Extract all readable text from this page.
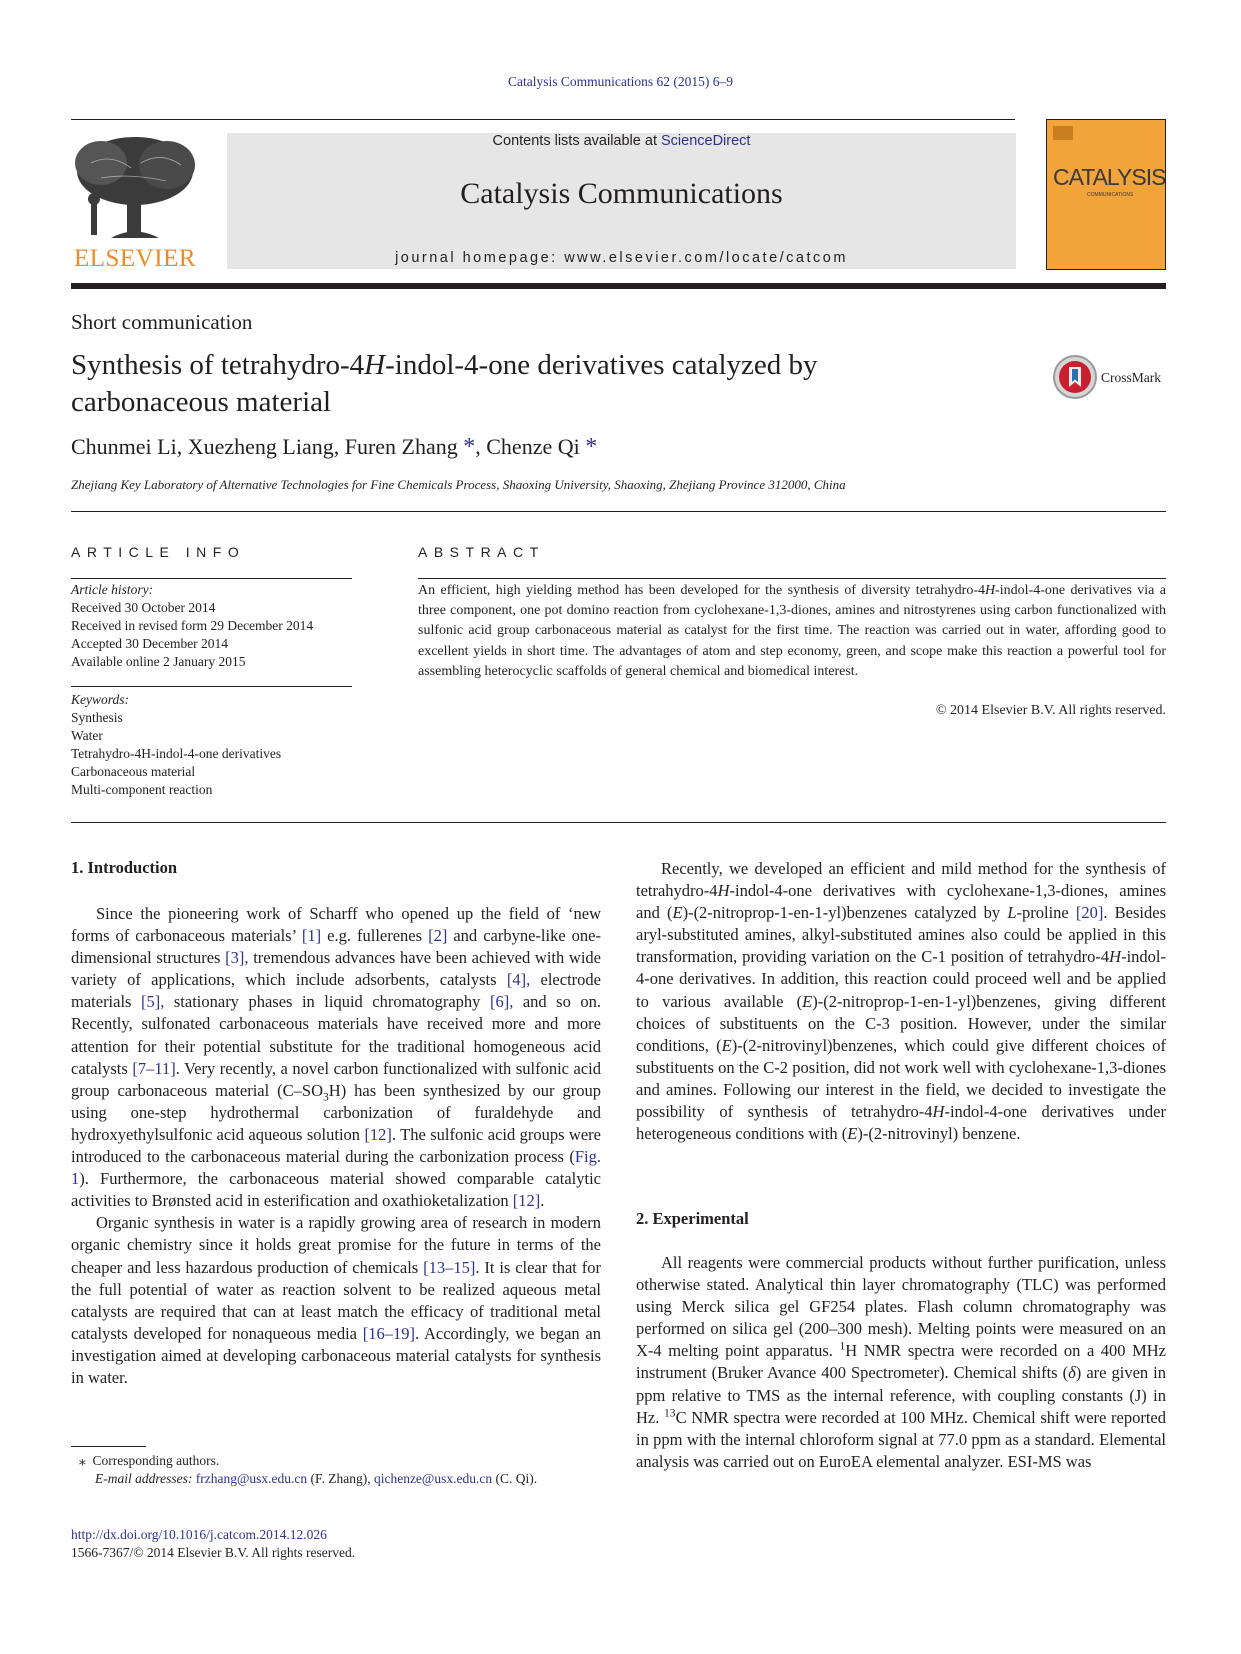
Catalysis Communications 62 (2015) 6–9
ELSEVIER
Contents lists available at ScienceDirect
Catalysis Communications
journal homepage: www.elsevier.com/locate/catcom
CATALYSIS
COMMUNICATIONS
Short communication
Synthesis of tetrahydro-4H-indol-4-one derivatives catalyzed by
carbonaceous material
CrossMark
Chunmei Li, Xuezheng Liang, Furen Zhang *, Chenze Qi *
Zhejiang Key Laboratory of Alternative Technologies for Fine Chemicals Process, Shaoxing University, Shaoxing, Zhejiang Province 312000, China
ARTICLE INFO
Article history:
Received 30 October 2014
Received in revised form 29 December 2014
Accepted 30 December 2014
Available online 2 January 2015
Keywords:
Synthesis
Water
Tetrahydro-4H-indol-4-one derivatives
Carbonaceous material
Multi-component reaction
ABSTRACT
An efficient, high yielding method has been developed for the synthesis of diversity tetrahydro-4H-indol-4-one derivatives via a three component, one pot domino reaction from cyclohexane-1,3-diones, amines and nitrostyrenes using carbon functionalized with sulfonic acid group carbonaceous material as catalyst for the first time. The reaction was carried out in water, affording good to excellent yields in short time. The advantages of atom and step economy, green, and scope make this reaction a powerful tool for assembling heterocyclic scaffolds of general chemical and biomedical interest.
© 2014 Elsevier B.V. All rights reserved.
1. Introduction

Since the pioneering work of Scharff who opened up the field of ‘new forms of carbonaceous materials’ [1] e.g. fullerenes [2] and carbyne-like one-dimensional structures [3], tremendous advances have been achieved with wide variety of applications, which include adsorbents, catalysts [4], electrode materials [5], stationary phases in liquid chromatography [6], and so on. Recently, sulfonated carbonaceous materials have received more and more attention for their potential substitute for the traditional homogeneous acid catalysts [7–11]. Very recently, a novel carbon functionalized with sulfonic acid group carbonaceous material $(C-SO_3H)$ has been synthesized by our group using one-step hydrothermal carbonization of furaldehyde and hydroxyethylsulfonic acid aqueous solution [12]. The sulfonic acid groups were introduced to the carbonaceous material during the carbonization process (Fig. 1). Furthermore, the carbonaceous material showed comparable catalytic activities to Brønsted acid in esterification and oxathioketalization [12].

Organic synthesis in water is a rapidly growing area of research in modern organic chemistry since it holds great promise for the future in terms of the cheaper and less hazardous production of chemicals [13–15]. It is clear that for the full potential of water as reaction solvent to be realized aqueous metal catalysts are required that can at least match the efficacy of traditional metal catalysts developed for nonaqueous media [16–19]. Accordingly, we began an investigation aimed at developing carbonaceous material catalysts for synthesis in water.

Recently, we developed an efficient and mild method for the synthesis of tetrahydro-4H-indol-4-one derivatives with cyclohexane-1,3-diones, amines and (E)-(2-nitroprop-1-en-1-yl)benzenes catalyzed by L-proline [20]. Besides aryl-substituted amines, alkyl-substituted amines also could be applied in this transformation, providing variation on the C-1 position of tetrahydro-4H-indol-4-one derivatives. In addition, this reaction could proceed well and be applied to various available (E)-(2-nitroprop-1-en-1-yl)benzenes, giving different choices of substituents on the C-3 position. However, under the similar conditions, (E)-(2-nitrovinyl)benzenes, which could give different choices of substituents on the C-2 position, did not work well with cyclohexane-1,3-diones and amines. Following our interest in the field, we decided to investigate the possibility of synthesis of tetrahydro-4H-indol-4-one derivatives under heterogeneous conditions with (E)-(2-nitrovinyl) benzene.

2. Experimental

All reagents were commercial products without further purification, unless otherwise stated. Analytical thin layer chromatography (TLC) was performed using Merck silica gel GF254 plates. Flash column chromatography was performed on silica gel (200–300 mesh). Melting points were measured on an X-4 melting point apparatus. $^1$H NMR spectra were recorded on a 400 MHz instrument (Bruker Avance 400 Spectrometer). Chemical shifts (δ) are given in ppm relative to TMS as the internal reference, with coupling constants (J) in Hz. $^{13}$C NMR spectra were recorded at 100 MHz. Chemical shift were reported in ppm with the internal chloroform signal at 77.0 ppm as a standard. Elemental analysis was carried out on EuroEA elemental analyzer. ESI-MS was

⁎ Corresponding authors.
E-mail addresses: frzhang@usx.edu.cn (F. Zhang), qichenze@usx.edu.cn (C. Qi).
http://dx.doi.org/10.1016/j.catcom.2014.12.026
1566-7367/© 2014 Elsevier B.V. All rights reserved.
